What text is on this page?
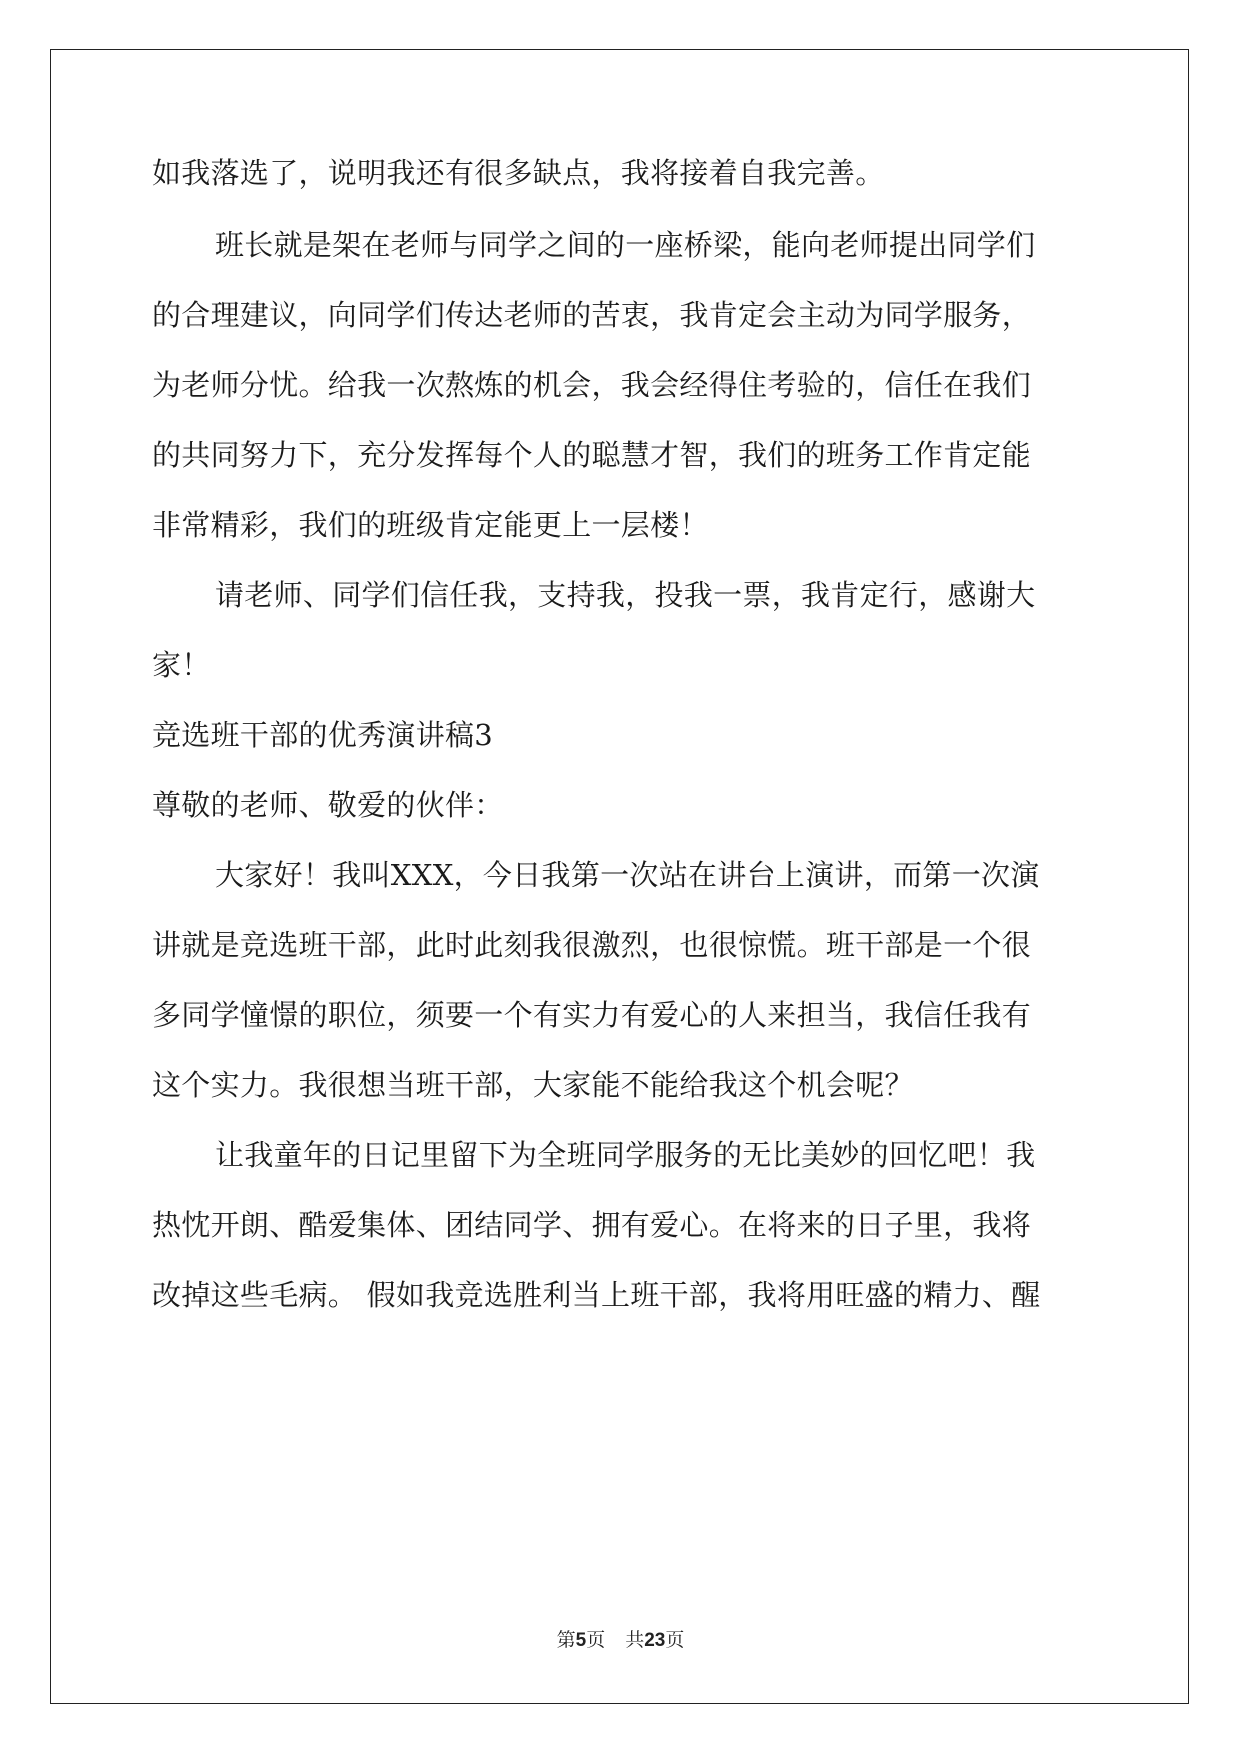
如我落选了，说明我还有很多缺点，我将接着自我完善。
班长就是架在老师与同学之间的一座桥梁，能向老师提出同学们
的合理建议，向同学们传达老师的苦衷，我肯定会主动为同学服务，
为老师分忧。给我一次熬炼的机会，我会经得住考验的，信任在我们
的共同努力下，充分发挥每个人的聪慧才智，我们的班务工作肯定能
非常精彩，我们的班级肯定能更上一层楼！
请老师、同学们信任我，支持我，投我一票，我肯定行，感谢大
家！
竞选班干部的优秀演讲稿3
尊敬的老师、敬爱的伙伴：
大家好！我叫XXX，今日我第一次站在讲台上演讲，而第一次演
讲就是竞选班干部，此时此刻我很激烈，也很惊慌。班干部是一个很
多同学憧憬的职位，须要一个有实力有爱心的人来担当，我信任我有
这个实力。我很想当班干部，大家能不能给我这个机会呢？
让我童年的日记里留下为全班同学服务的无比美妙的回忆吧！我
热忱开朗、酷爱集体、团结同学、拥有爱心。在将来的日子里，我将
改掉这些毛病。 假如我竞选胜利当上班干部，我将用旺盛的精力、醒
第5页 共23页
